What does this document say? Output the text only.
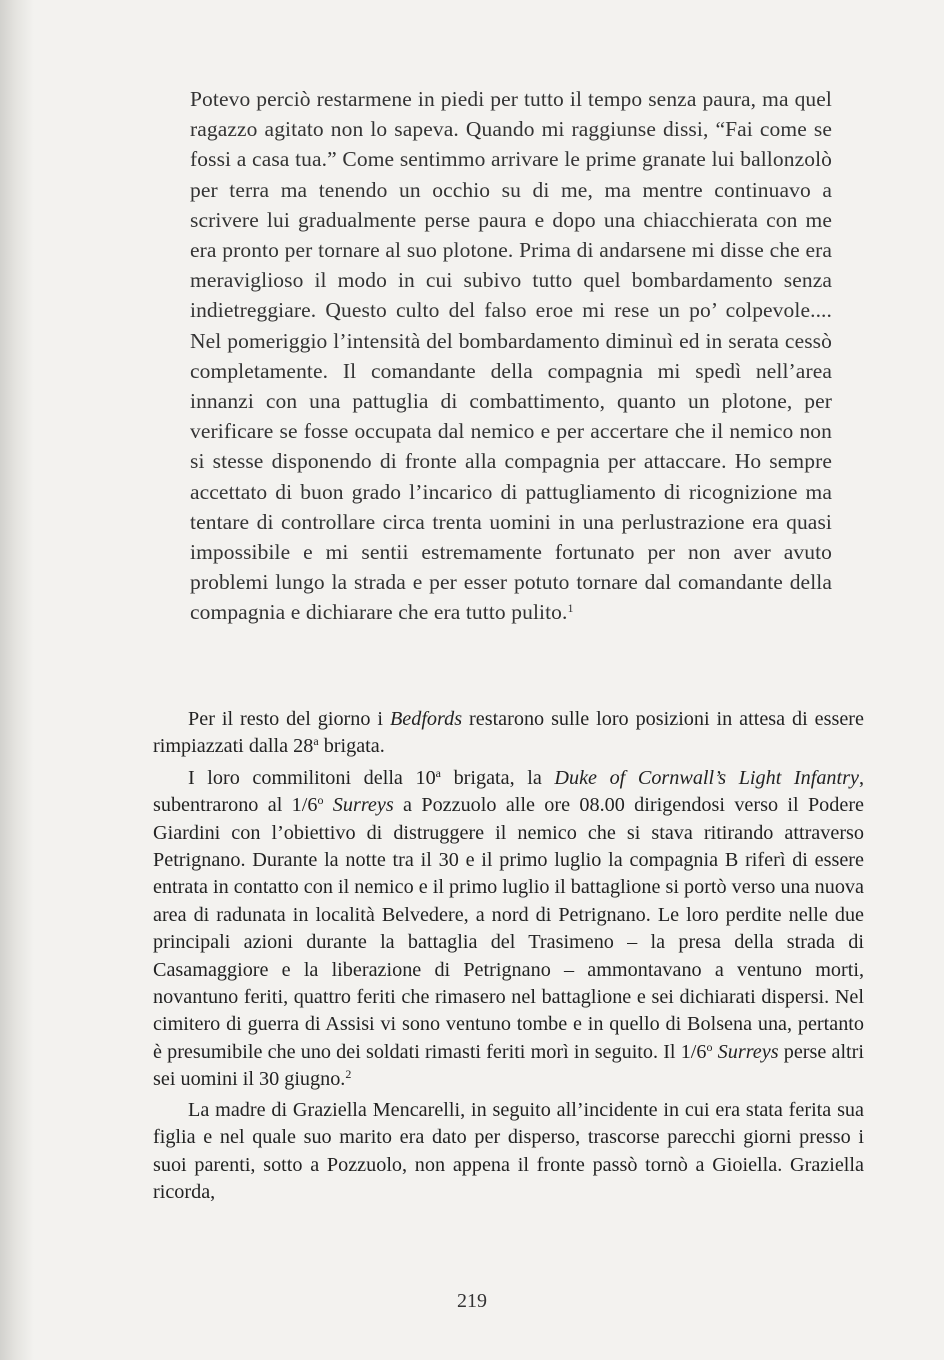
Potevo perciò restarmene in piedi per tutto il tempo senza paura, ma quel ragazzo agitato non lo sapeva. Quando mi raggiunse dissi, “Fai come se fossi a casa tua.” Come sentimmo arrivare le prime granate lui ballonzolò per terra ma tenendo un occhio su di me, ma mentre continuavo a scrivere lui gradualmente perse paura e dopo una chiacchierata con me era pronto per tornare al suo plotone. Prima di andarsene mi disse che era meraviglioso il modo in cui subivo tutto quel bombardamento senza indietreggiare. Questo culto del falso eroe mi rese un po’ colpevole.... Nel pomeriggio l’intensità del bombardamento diminuì ed in serata cessò completamente. Il comandante della compagnia mi spedì nell’area innanzi con una pattuglia di combattimento, quanto un plotone, per verificare se fosse occupata dal nemico e per accertare che il nemico non si stesse disponendo di fronte alla compagnia per attaccare. Ho sempre accettato di buon grado l’incarico di pattugliamento di ricognizione ma tentare di controllare circa trenta uomini in una perlustrazione era quasi impossibile e mi sentii estremamente fortunato per non aver avuto problemi lungo la strada e per esser potuto tornare dal comandante della compagnia e dichiarare che era tutto pulito.$^1$

Per il resto del giorno i Bedfords restarono sulle loro posizioni in attesa di essere rimpiazzati dalla 28$^a$ brigata.

I loro commilitoni della 10$^a$ brigata, la Duke of Cornwall’s Light Infantry, subentrarono al 1/6$^o$ Surreys a Pozzuolo alle ore 08.00 dirigendosi verso il Podere Giardini con l’obiettivo di distruggere il nemico che si stava ritirando attraverso Petrignano. Durante la notte tra il 30 e il primo luglio la compagnia B riferì di essere entrata in contatto con il nemico e il primo luglio il battaglione si portò verso una nuova area di radunata in località Belvedere, a nord di Petrignano. Le loro perdite nelle due principali azioni durante la battaglia del Trasimeno – la presa della strada di Casamaggiore e la liberazione di Petrignano – ammontavano a ventuno morti, novantuno feriti, quattro feriti che rimasero nel battaglione e sei dichiarati dispersi. Nel cimitero di guerra di Assisi vi sono ventuno tombe e in quello di Bolsena una, pertanto è presumibile che uno dei soldati rimasti feriti morì in seguito. Il 1/6$^o$ Surreys perse altri sei uomini il 30 giugno.$^2$

La madre di Graziella Mencarelli, in seguito all’incidente in cui era stata ferita sua figlia e nel quale suo marito era dato per disperso, trascorse parecchi giorni presso i suoi parenti, sotto a Pozzuolo, non appena il fronte passò tornò a Gioiella. Graziella ricorda,

219
